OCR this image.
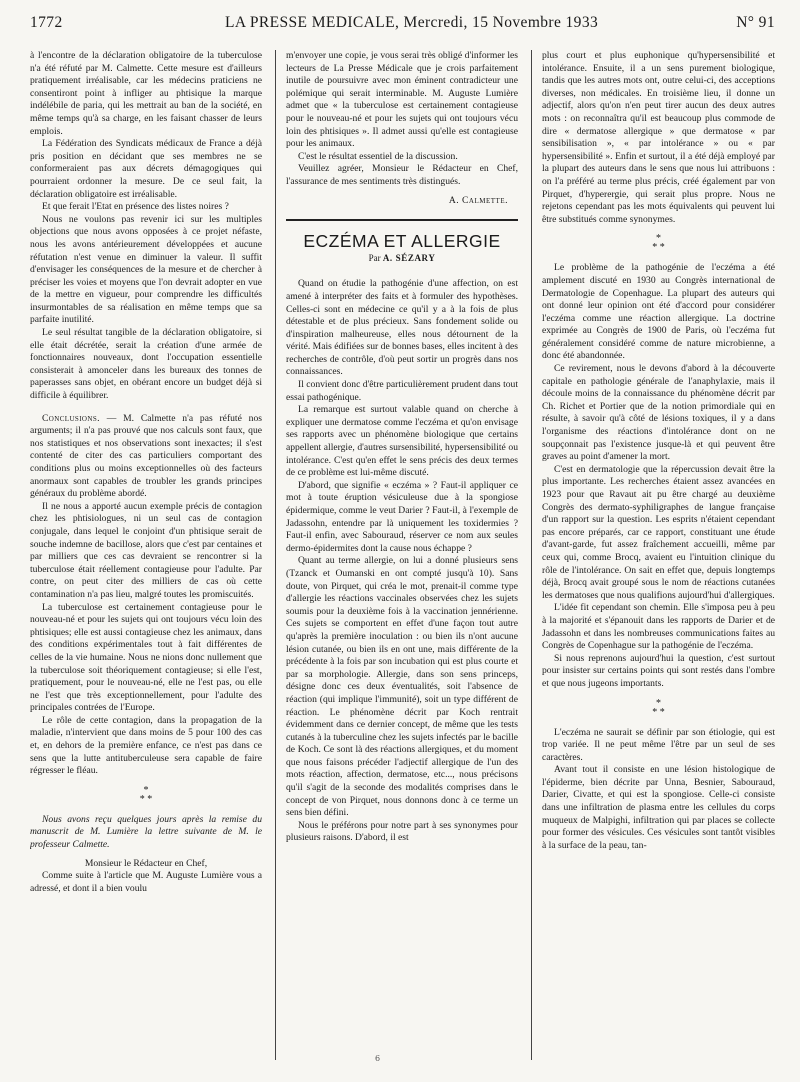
1772	LA PRESSE MEDICALE, Mercredi, 15 Novembre 1933	N° 91

à l'encontre de la déclaration obligatoire de la tuberculose n'a été réfuté par M. Calmette. Cette mesure est d'ailleurs pratiquement irréalisable, car les médecins praticiens ne consentiront point à infliger au phtisique la marque indélébile de paria, qui les mettrait au ban de la société, en même temps qu'à sa charge, en les faisant chasser de leurs emplois.

La Fédération des Syndicats médicaux de France a déjà pris position en décidant que ses membres ne se conformeraient pas aux décrets démagogiques qui pourraient ordonner la mesure. De ce seul fait, la déclaration obligatoire est irréalisable.

Et que ferait l'Etat en présence des listes noires ?

Nous ne voulons pas revenir ici sur les multiples objections que nous avons opposées à ce projet néfaste, nous les avons antérieurement développées et aucune réfutation n'est venue en diminuer la valeur. Il suffit d'envisager les conséquences de la mesure et de chercher à préciser les voies et moyens que l'on devrait adopter en vue de la mettre en vigueur, pour comprendre les difficultés insurmontables de sa réalisation en même temps que sa parfaite inutilité.

Le seul résultat tangible de la déclaration obligatoire, si elle était décrétée, serait la création d'une armée de fonctionnaires nouveaux, dont l'occupation essentielle consisterait à amonceler dans les bureaux des tonnes de paperasses sans objet, en obérant encore un budget déjà si difficile à équilibrer.

Conclusions. — M. Calmette n'a pas réfuté nos arguments; il n'a pas prouvé que nos calculs sont faux, que nos statistiques et nos observations sont inexactes; il s'est contenté de citer des cas particuliers comportant des conditions plus ou moins exceptionnelles où des facteurs anormaux sont capables de troubler les grands principes généraux du problème abordé.

Il ne nous a apporté aucun exemple précis de contagion chez les phtisiologues, ni un seul cas de contagion conjugale, dans lequel le conjoint d'un phtisique serait de souche indemne de bacillose, alors que c'est par centaines et par milliers que ces cas devraient se rencontrer si la tuberculose était réellement contagieuse pour l'adulte. Par contre, on peut citer des milliers de cas où cette contamination n'a pas lieu, malgré toutes les promiscuités.

La tuberculose est certainement contagieuse pour le nouveau-né et pour les sujets qui ont toujours vécu loin des phtisiques; elle est aussi contagieuse chez les animaux, dans des conditions expérimentales tout à fait différentes de celles de la vie humaine. Nous ne nions donc nullement que la tuberculose soit théoriquement contagieuse; si elle l'est, pratiquement, pour le nouveau-né, elle ne l'est pas, ou elle ne l'est que très exceptionnellement, pour l'adulte des principales contrées de l'Europe.

Le rôle de cette contagion, dans la propagation de la maladie, n'intervient que dans moins de 5 pour 100 des cas et, en dehors de la première enfance, ce n'est pas dans ce sens que la lutte antituberculeuse sera capable de faire régresser le fléau.

*
* *

Nous avons reçu quelques jours après la remise du manuscrit de M. Lumière la lettre suivante de M. le professeur Calmette.

Monsieur le Rédacteur en Chef,

Comme suite à l'article que M. Auguste Lumière vous a adressé, et dont il a bien voulu

m'envoyer une copie, je vous serai très obligé d'informer les lecteurs de La Presse Médicale que je crois parfaitement inutile de poursuivre avec mon éminent contradicteur une polémique qui serait interminable. M. Auguste Lumière admet que « la tuberculose est certainement contagieuse pour le nouveau-né et pour les sujets qui ont toujours vécu loin des phtisiques ». Il admet aussi qu'elle est contagieuse pour les animaux.

C'est le résultat essentiel de la discussion.

Veuillez agréer, Monsieur le Rédacteur en Chef, l'assurance de mes sentiments très distingués.

A. Calmette.
ECZÉMA ET ALLERGIE
Par A. SÉZARY

Quand on étudie la pathogénie d'une affection, on est amené à interpréter des faits et à formuler des hypothèses. Celles-ci sont en médecine ce qu'il y a à la fois de plus détestable et de plus précieux. Sans fondement solide ou d'inspiration malheureuse, elles nous détournent de la vérité. Mais édifiées sur de bonnes bases, elles incitent à des recherches de contrôle, d'où peut sortir un progrès dans nos connaissances.

Il convient donc d'être particulièrement prudent dans tout essai pathogénique.

La remarque est surtout valable quand on cherche à expliquer une dermatose comme l'eczéma et qu'on envisage ses rapports avec un phénomène biologique que certains appellent allergie, d'autres sursensibilité, hypersensibilité ou intolérance. C'est qu'en effet le sens précis des deux termes de ce problème est lui-même discuté.

D'abord, que signifie « eczéma » ? Faut-il appliquer ce mot à toute éruption vésiculeuse due à la spongiose épidermique, comme le veut Darier ? Faut-il, à l'exemple de Jadassohn, entendre par là uniquement les toxidermies ? Faut-il enfin, avec Sabouraud, réserver ce nom aux seules dermo-épidermites dont la cause nous échappe ?

Quant au terme allergie, on lui a donné plusieurs sens (Tzanck et Oumanski en ont compté jusqu'à 10). Sans doute, von Pirquet, qui créa le mot, prenait-il comme type d'allergie les réactions vaccinales observées chez les sujets soumis pour la deuxième fois à la vaccination jennérienne. Ces sujets se comportent en effet d'une façon tout autre qu'après la première inoculation : ou bien ils n'ont aucune lésion cutanée, ou bien ils en ont une, mais différente de la précédente à la fois par son incubation qui est plus courte et par sa morphologie. Allergie, dans son sens princeps, désigne donc ces deux éventualités, soit l'absence de réaction (qui implique l'immunité), soit un type différent de réaction. Le phénomène décrit par Koch rentrait évidemment dans ce dernier concept, de même que les tests cutanés à la tuberculine chez les sujets infectés par le bacille de Koch. Ce sont là des réactions allergiques, et du moment que nous faisons précéder l'adjectif allergique de l'un des mots réaction, affection, dermatose, etc..., nous précisons qu'il s'agit de la seconde des modalités comprises dans le concept de von Pirquet, nous donnons donc à ce terme un sens bien défini.

Nous le préférons pour notre part à ses synonymes pour plusieurs raisons. D'abord, il est

plus court et plus euphonique qu'hypersensibilité et intolérance. Ensuite, il a un sens purement biologique, tandis que les autres mots ont, outre celui-ci, des acceptions diverses, non médicales. En troisième lieu, il donne un adjectif, alors qu'on n'en peut tirer aucun des deux autres mots : on reconnaîtra qu'il est beaucoup plus commode de dire « dermatose allergique » que dermatose « par sensibilisation », « par intolérance » ou « par hypersensibilité ». Enfin et surtout, il a été déjà employé par la plupart des auteurs dans le sens que nous lui attribuons : on l'a préféré au terme plus précis, créé également par von Pirquet, d'hyperergie, qui serait plus propre. Nous ne rejetons cependant pas les mots équivalents qui peuvent lui être substitués comme synonymes.

*
* *

Le problème de la pathogénie de l'eczéma a été amplement discuté en 1930 au Congrès international de Dermatologie de Copenhague. La plupart des auteurs qui ont donné leur opinion ont été d'accord pour considérer l'eczéma comme une réaction allergique. La doctrine exprimée au Congrès de 1900 de Paris, où l'eczéma fut généralement considéré comme de nature microbienne, a donc été abandonnée.

Ce revirement, nous le devons d'abord à la découverte capitale en pathologie générale de l'anaphylaxie, mais il découle moins de la connaissance du phénomène décrit par Ch. Richet et Portier que de la notion primordiale qui en résulte, à savoir qu'à côté de lésions toxiques, il y a dans l'organisme des réactions d'intolérance dont on ne soupçonnait pas l'existence jusque-là et qui peuvent être graves au point d'amener la mort.

C'est en dermatologie que la répercussion devait être la plus importante. Les recherches étaient assez avancées en 1923 pour que Ravaut ait pu être chargé au deuxième Congrès des dermato-syphiligraphes de langue française d'un rapport sur la question. Les esprits n'étaient cependant pas encore préparés, car ce rapport, constituant une étude d'avant-garde, fut assez fraîchement accueilli, même par ceux qui, comme Brocq, avaient eu l'intuition clinique du rôle de l'intolérance. On sait en effet que, depuis longtemps déjà, Brocq avait groupé sous le nom de réactions cutanées les dermatoses que nous qualifions aujourd'hui d'allergiques.

L'idée fit cependant son chemin. Elle s'imposa peu à peu à la majorité et s'épanouit dans les rapports de Darier et de Jadassohn et dans les nombreuses communications faites au Congrès de Copenhague sur la pathogénie de l'eczéma.

Si nous reprenons aujourd'hui la question, c'est surtout pour insister sur certains points qui sont restés dans l'ombre et que nous jugeons importants.

*
* *

L'eczéma ne saurait se définir par son étiologie, qui est trop variée. Il ne peut même l'être par un seul de ses caractères.

Avant tout il consiste en une lésion histologique de l'épiderme, bien décrite par Unna, Besnier, Sabouraud, Darier, Civatte, et qui est la spongiose. Celle-ci consiste dans une infiltration de plasma entre les cellules du corps muqueux de Malpighi, infiltration qui par places se collecte pour former des vésicules. Ces vésicules sont tantôt visibles à la surface de la peau, tan-

6
